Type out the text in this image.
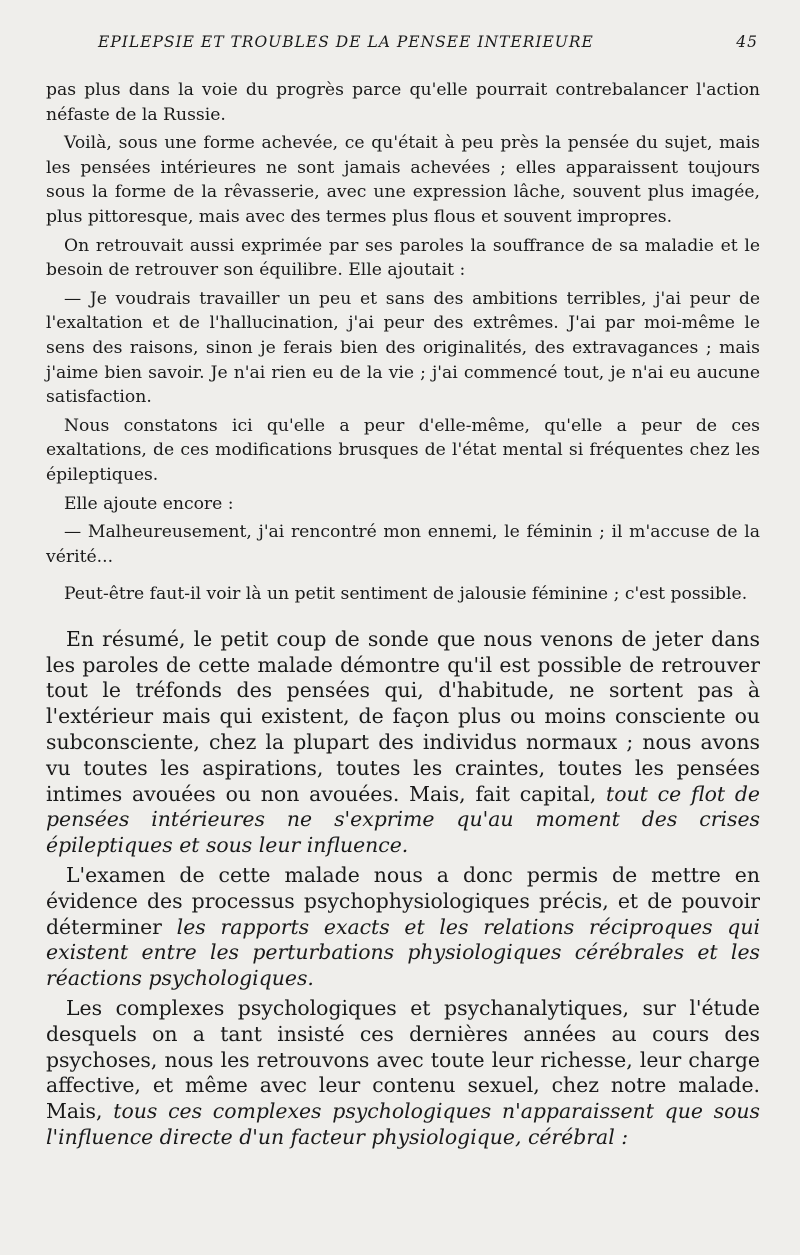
EPILEPSIE ET TROUBLES DE LA PENSEE INTERIEURE	45

pas plus dans la voie du progrès parce qu'elle pourrait contrebalancer l'action néfaste de la Russie.

Voilà, sous une forme achevée, ce qu'était à peu près la pensée du sujet, mais les pensées intérieures ne sont jamais achevées ; elles apparaissent toujours sous la forme de la rêvasserie, avec une expression lâche, souvent plus imagée, plus pittoresque, mais avec des termes plus flous et souvent impropres.

On retrouvait aussi exprimée par ses paroles la souffrance de sa maladie et le besoin de retrouver son équilibre. Elle ajoutait :

— Je voudrais travailler un peu et sans des ambitions terribles, j'ai peur de l'exaltation et de l'hallucination, j'ai peur des extrêmes. J'ai par moi-même le sens des raisons, sinon je ferais bien des originalités, des extravagances ; mais j'aime bien savoir. Je n'ai rien eu de la vie ; j'ai commencé tout, je n'ai eu aucune satisfaction.

Nous constatons ici qu'elle a peur d'elle-même, qu'elle a peur de ces exaltations, de ces modifications brusques de l'état mental si fréquentes chez les épileptiques.

Elle ajoute encore :

— Malheureusement, j'ai rencontré mon ennemi, le féminin ; il m'accuse de la vérité...

Peut-être faut-il voir là un petit sentiment de jalousie féminine ; c'est possible.

En résumé, le petit coup de sonde que nous venons de jeter dans les paroles de cette malade démontre qu'il est possible de retrouver tout le tréfonds des pensées qui, d'habitude, ne sortent pas à l'extérieur mais qui existent, de façon plus ou moins consciente ou subconsciente, chez la plupart des individus normaux ; nous avons vu toutes les aspirations, toutes les craintes, toutes les pensées intimes avouées ou non avouées. Mais, fait capital, tout ce flot de pensées intérieures ne s'exprime qu'au moment des crises épileptiques et sous leur influence.

L'examen de cette malade nous a donc permis de mettre en évidence des processus psychophysiologiques précis, et de pouvoir déterminer les rapports exacts et les relations réciproques qui existent entre les perturbations physiologiques cérébrales et les réactions psychologiques.

Les complexes psychologiques et psychanalytiques, sur l'étude desquels on a tant insisté ces dernières années au cours des psychoses, nous les retrouvons avec toute leur richesse, leur charge affective, et même avec leur contenu sexuel, chez notre malade. Mais, tous ces complexes psychologiques n'apparaissent que sous l'influence directe d'un facteur physiologique, cérébral :
